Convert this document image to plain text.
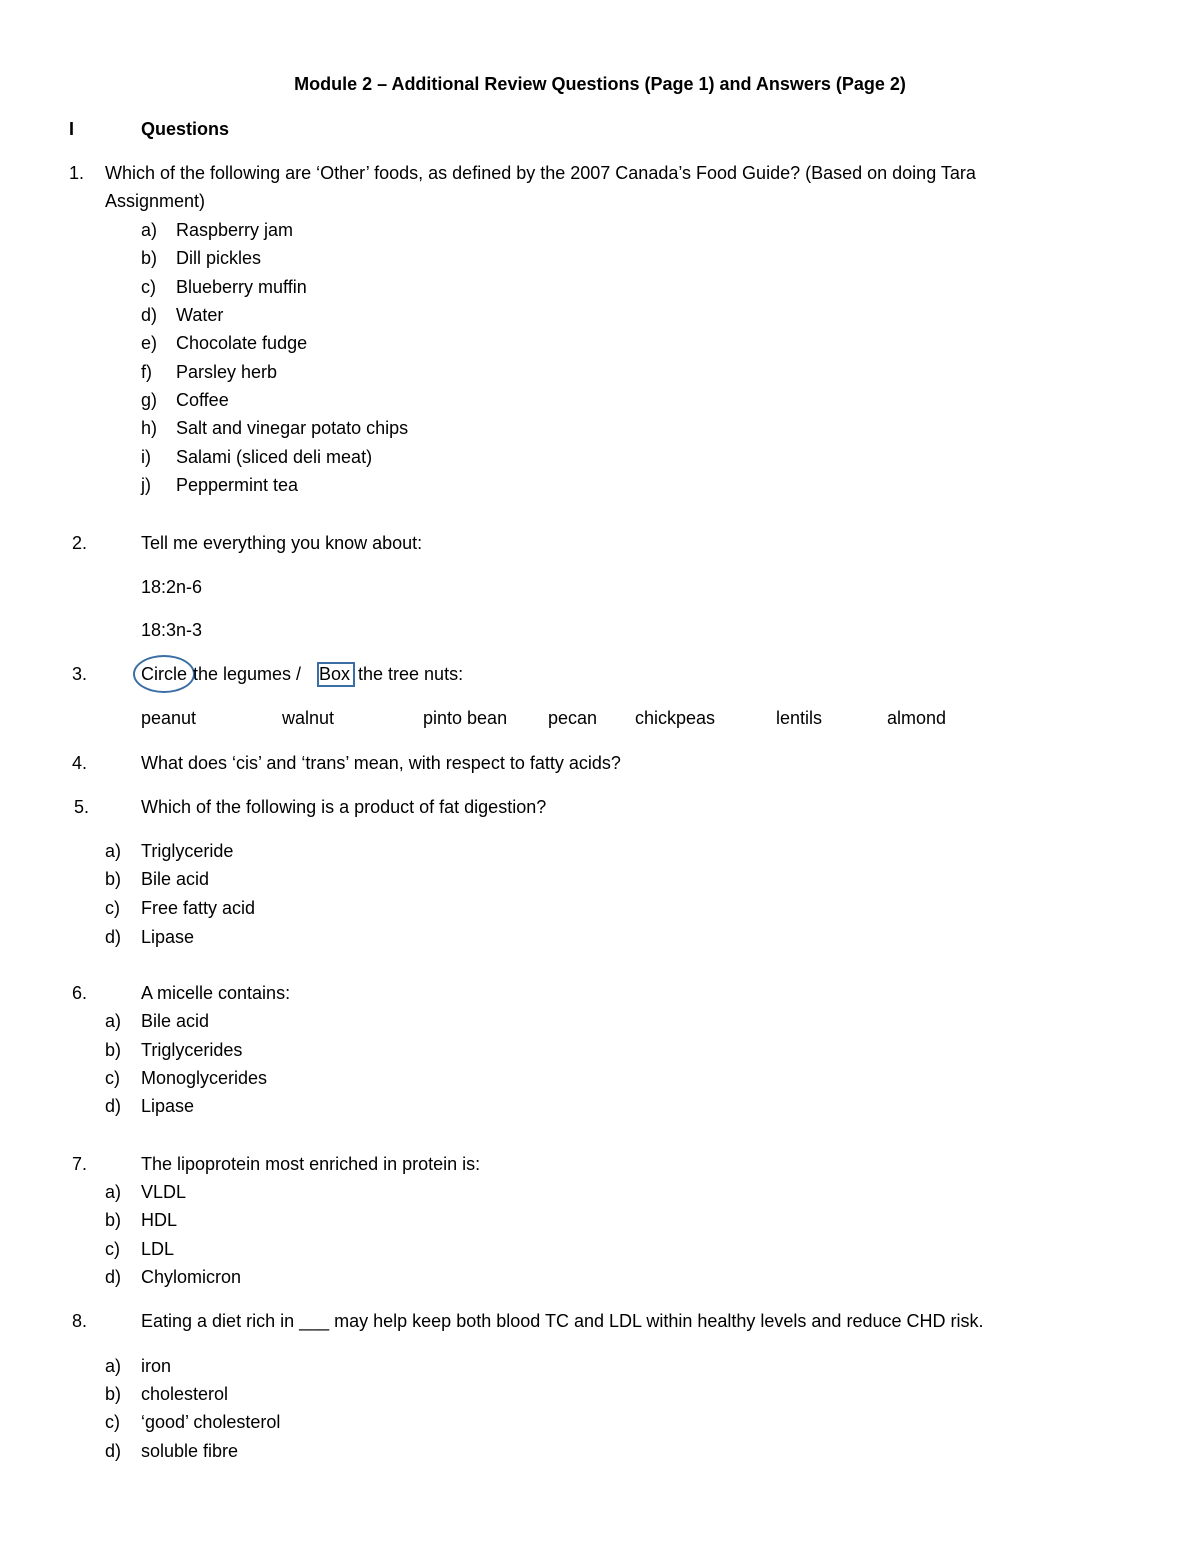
Module 2 – Additional Review Questions (Page 1) and Answers (Page 2)
I	Questions
1. Which of the following are ‘Other’ foods, as defined by the 2007 Canada’s Food Guide? (Based on doing Tara
Assignment)
a) Raspberry jam
b) Dill pickles
c) Blueberry muffin
d) Water
e) Chocolate fudge
f) Parsley herb
g) Coffee
h) Salt and vinegar potato chips
i) Salami (sliced deli meat)
j) Peppermint tea
2.	Tell me everything you know about:
18:2n-6
18:3n-3
3.	Circle the legumes / Box the tree nuts:
peanut	walnut	pinto bean pecan chickpeas	lentils	almond
4.	What does ‘cis’ and ‘trans’ mean, with respect to fatty acids?
5.	Which of the following is a product of fat digestion?
a) Triglyceride
b) Bile acid
c) Free fatty acid
d) Lipase
6.	A micelle contains:
a) Bile acid
b) Triglycerides
c) Monoglycerides
d) Lipase
7.	The lipoprotein most enriched in protein is:
a) VLDL
b) HDL
c) LDL
d) Chylomicron
8.	Eating a diet rich in ___ may help keep both blood TC and LDL within healthy levels and reduce CHD risk.
a) iron
b) cholesterol
c) ‘good’ cholesterol
d) soluble fibre
